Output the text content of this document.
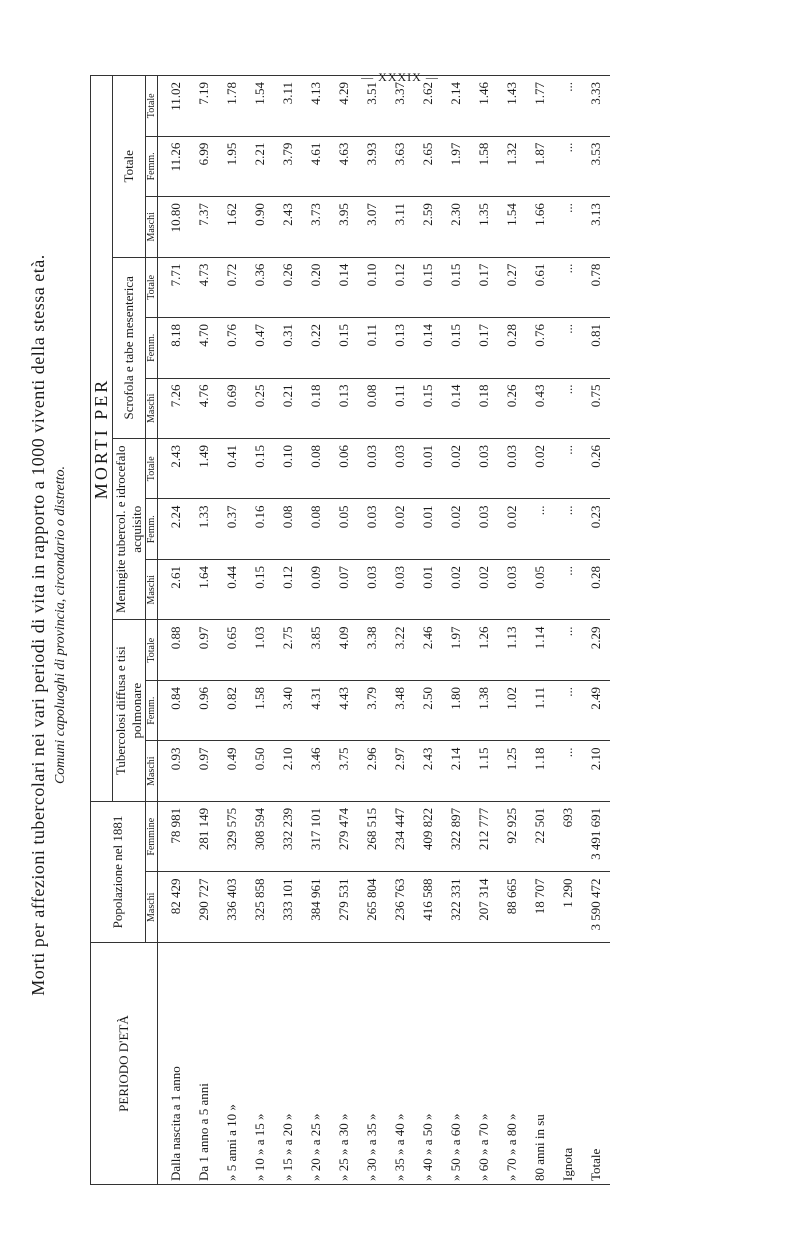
— XXXIX —
Morti per affezioni tubercolari nei vari periodi di vita in rapporto a 1000 viventi della stessa età. Comuni capoluoghi di provincia, circondario o distretto.
PERIODO D'ETÀ	Popolazione nel 1881		MORTI PER											
			Tubercolosi diffusa e tisi polmonare			Meningite tubercol. e idrocefalo acquisito			Scrofola e tabe mesenterica			Totale		
	Maschi	Femmine	Maschi	Femm.	Totale	Maschi	Femm.	Totale	Maschi	Femm.	Totale	Maschi	Femm.	Totale
Dalla nascita a 1 anno	82 429	78 981	0.93	0.84	0.88	2.61	2.24	2.43	7.26	8.18	7.71	10.80	11.26	11.02
Da 1 anno a 5 anni	290 727	281 149	0.97	0.96	0.97	1.64	1.33	1.49	4.76	4.70	4.73	7.37	6.99	7.19
» 5 anni a 10 »	336 403	329 575	0.49	0.82	0.65	0.44	0.37	0.41	0.69	0.76	0.72	1.62	1.95	1.78
» 10 » a 15 »	325 858	308 594	0.50	1.58	1.03	0.15	0.16	0.15	0.25	0.47	0.36	0.90	2.21	1.54
» 15 » a 20 »	333 101	332 239	2.10	3.40	2.75	0.12	0.08	0.10	0.21	0.31	0.26	2.43	3.79	3.11
» 20 » a 25 »	384 961	317 101	3.46	4.31	3.85	0.09	0.08	0.08	0.18	0.22	0.20	3.73	4.61	4.13
» 25 » a 30 »	279 531	279 474	3.75	4.43	4.09	0.07	0.05	0.06	0.13	0.15	0.14	3.95	4.63	4.29
» 30 » a 35 »	265 804	268 515	2.96	3.79	3.38	0.03	0.03	0.03	0.08	0.11	0.10	3.07	3.93	3.51
» 35 » a 40 »	236 763	234 447	2.97	3.48	3.22	0.03	0.02	0.03	0.11	0.13	0.12	3.11	3.63	3.37
» 40 » a 50 »	416 588	409 822	2.43	2.50	2.46	0.01	0.01	0.01	0.15	0.14	0.15	2.59	2.65	2.62
» 50 » a 60 »	322 331	322 897	2.14	1.80	1.97	0.02	0.02	0.02	0.14	0.15	0.15	2.30	1.97	2.14
» 60 » a 70 »	207 314	212 777	1.15	1.38	1.26	0.02	0.03	0.03	0.18	0.17	0.17	1.35	1.58	1.46
» 70 » a 80 »	88 665	92 925	1.25	1.02	1.13	0.03	0.02	0.03	0.26	0.28	0.27	1.54	1.32	1.43
80 anni in su	18 707	22 501	1.18	1.11	1.14	0.05	...	0.02	0.43	0.76	0.61	1.66	1.87	1.77
Ignota	1 290	693	...	...	...	...	...	...	...	...	...	...	...	...
Totale	3 590 472	3 491 691	2.10	2.49	2.29	0.28	0.23	0.26	0.75	0.81	0.78	3.13	3.53	3.33
